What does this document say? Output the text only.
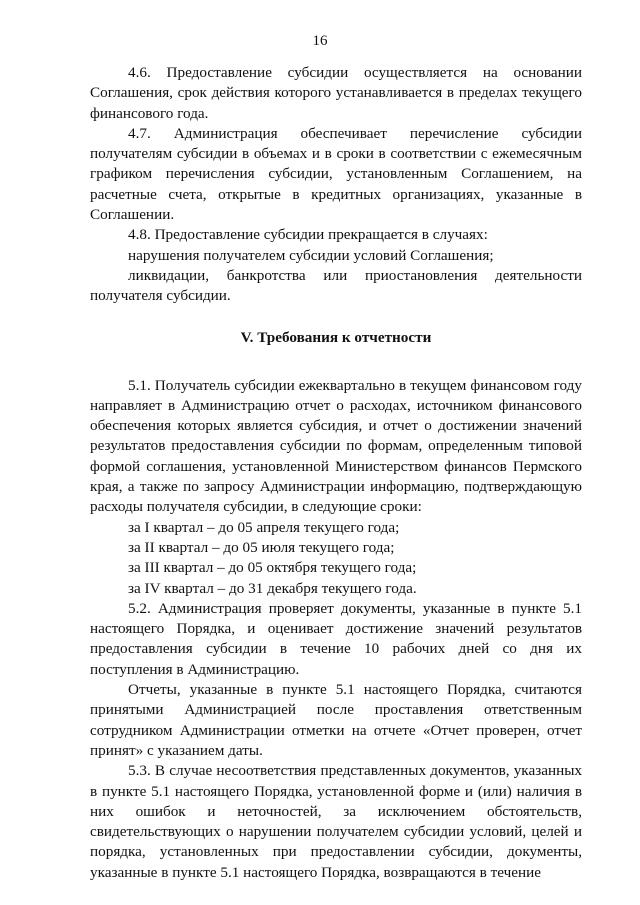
16

4.6. Предоставление субсидии осуществляется на основании Соглашения, срок действия которого устанавливается в пределах текущего финансового года.

4.7. Администрация обеспечивает перечисление субсидии получателям субсидии в объемах и в сроки в соответствии с ежемесячным графиком перечисления субсидии, установленным Соглашением, на расчетные счета, открытые в кредитных организациях, указанные в Соглашении.

4.8. Предоставление субсидии прекращается в случаях:

нарушения получателем субсидии условий Соглашения;

ликвидации, банкротства или приостановления деятельности получателя субсидии.

V. Требования к отчетности

5.1. Получатель субсидии ежеквартально в текущем финансовом году направляет в Администрацию отчет о расходах, источником финансового обеспечения которых является субсидия, и отчет о достижении значений результатов предоставления субсидии по формам, определенным типовой формой соглашения, установленной Министерством финансов Пермского края, а также по запросу Администрации информацию, подтверждающую расходы получателя субсидии, в следующие сроки:

за I квартал – до 05 апреля текущего года;

за II квартал – до 05 июля текущего года;

за III квартал – до 05 октября текущего года;

за IV квартал – до 31 декабря текущего года.

5.2. Администрация проверяет документы, указанные в пункте 5.1 настоящего Порядка, и оценивает достижение значений результатов предоставления субсидии в течение 10 рабочих дней со дня их поступления в Администрацию.

Отчеты, указанные в пункте 5.1 настоящего Порядка, считаются принятыми Администрацией после проставления ответственным сотрудником Администрации отметки на отчете «Отчет проверен, отчет принят» с указанием даты.

5.3. В случае несоответствия представленных документов, указанных в пункте 5.1 настоящего Порядка, установленной форме и (или) наличия в них ошибок и неточностей, за исключением обстоятельств, свидетельствующих о нарушении получателем субсидии условий, целей и порядка, установленных при предоставлении субсидии, документы, указанные в пункте 5.1 настоящего Порядка, возвращаются в течение
